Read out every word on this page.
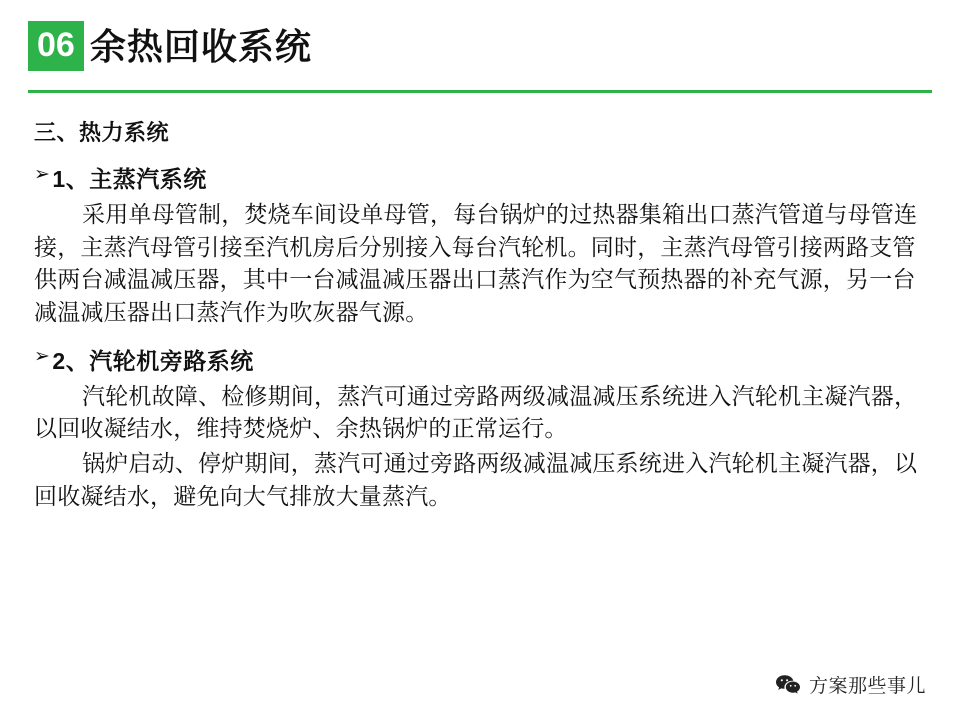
06 余热回收系统
三、热力系统
➢ 1、主蒸汽系统

采用单母管制，焚烧车间设单母管，每台锅炉的过热器集箱出口蒸汽管道与母管连接，主蒸汽母管引接至汽机房后分别接入每台汽轮机。同时，主蒸汽母管引接两路支管供两台减温减压器，其中一台减温减压器出口蒸汽作为空气预热器的补充气源，另一台减温减压器出口蒸汽作为吹灰器气源。

➢ 2、汽轮机旁路系统

汽轮机故障、检修期间，蒸汽可通过旁路两级减温减压系统进入汽轮机主凝汽器，以回收凝结水，维持焚烧炉、余热锅炉的正常运行。

锅炉启动、停炉期间，蒸汽可通过旁路两级减温减压系统进入汽轮机主凝汽器，以回收凝结水，避免向大气排放大量蒸汽。

方案那些事儿
